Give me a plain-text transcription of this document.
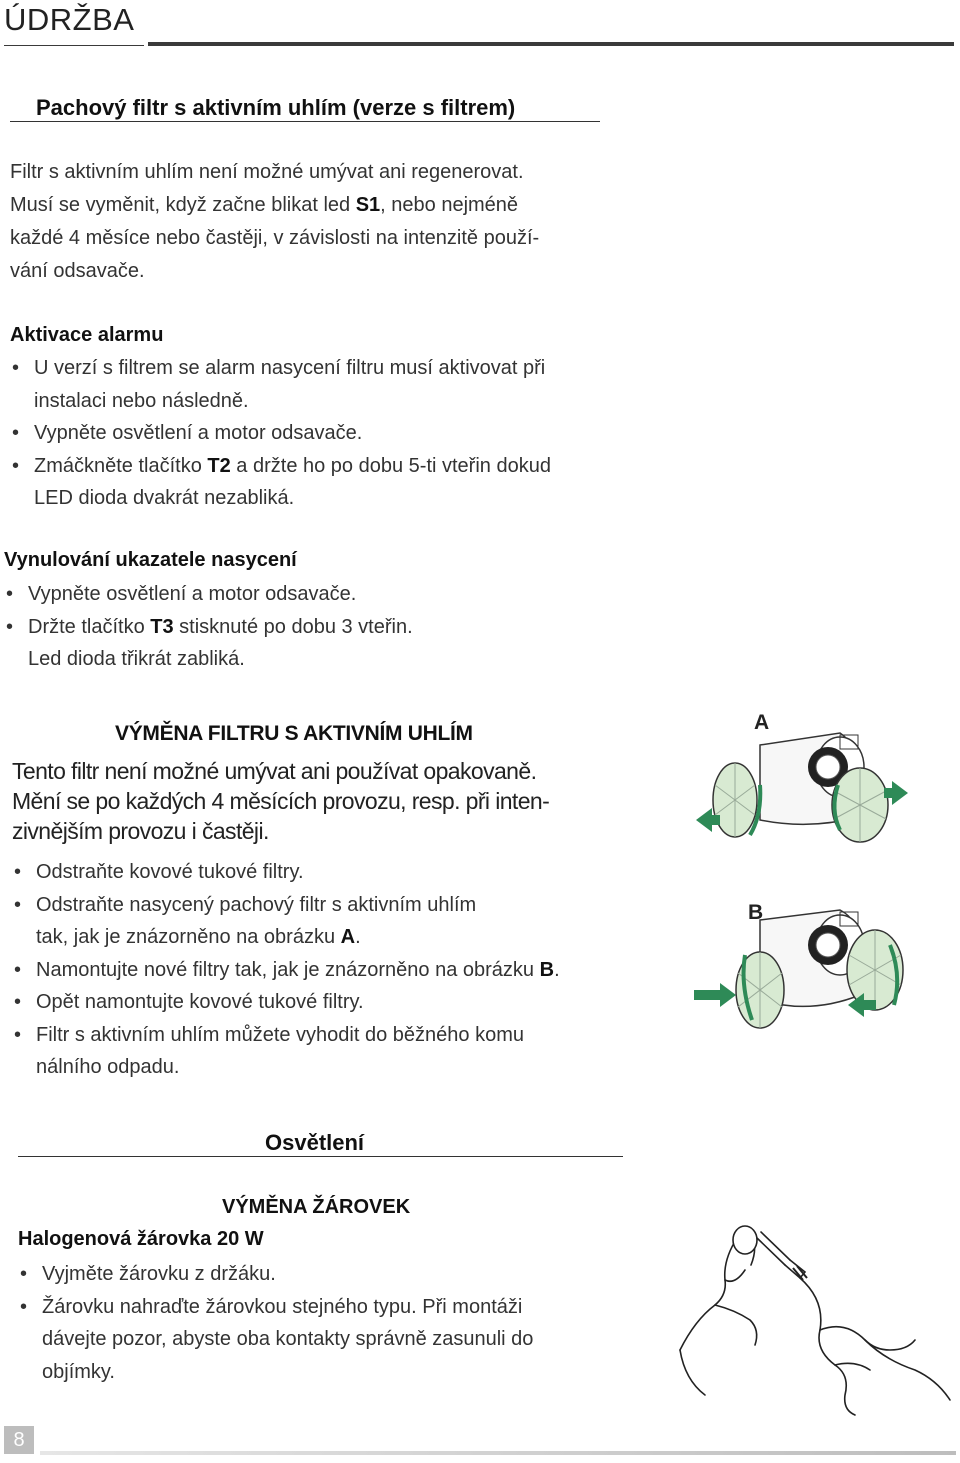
ÚDRŽBA
Pachový filtr s aktivním uhlím (verze s filtrem)
Filtr s aktivním uhlím není možné umývat ani regenerovat.
Musí se vyměnit, když začne blikat led S1, nebo nejméně
každé 4 měsíce nebo častěji, v závislosti na intenzitě použí-
vání odsavače.
Aktivace alarmu
• U verzí s filtrem se alarm nasycení filtru musí aktivovat při
instalaci nebo následně.
• Vypněte osvětlení a motor odsavače.
• Zmáčkněte tlačítko T2 a držte ho po dobu 5-ti vteřin dokud
LED dioda dvakrát nezabliká.
Vynulování ukazatele nasycení
• Vypněte osvětlení a motor odsavače.
• Držte tlačítko T3 stisknuté po dobu 3 vteřin.
Led dioda třikrát zabliká.
VÝMĚNA FILTRU S AKTIVNÍM UHLÍM
Tento filtr není možné umývat ani používat opakovaně.
Mění se po každých 4 měsících provozu, resp. při inten-
zivnějším provozu i častěji.
• Odstraňte kovové tukové filtry.
• Odstraňte nasycený pachový filtr s aktivním uhlím
tak, jak je znázorněno na obrázku A.
• Namontujte nové filtry tak, jak je znázorněno na obrázku B.
• Opět namontujte kovové tukové filtry.
• Filtr s aktivním uhlím můžete vyhodit do běžného komu
nálního odpadu.
A
B
Osvětlení
VÝMĚNA ŽÁROVEK
Halogenová žárovka 20 W
• Vyjměte žárovku z držáku.
• Žárovku nahraďte žárovkou stejného typu. Při montáži
dávejte pozor, abyste oba kontakty správně zasunuli do
objímky.
8
